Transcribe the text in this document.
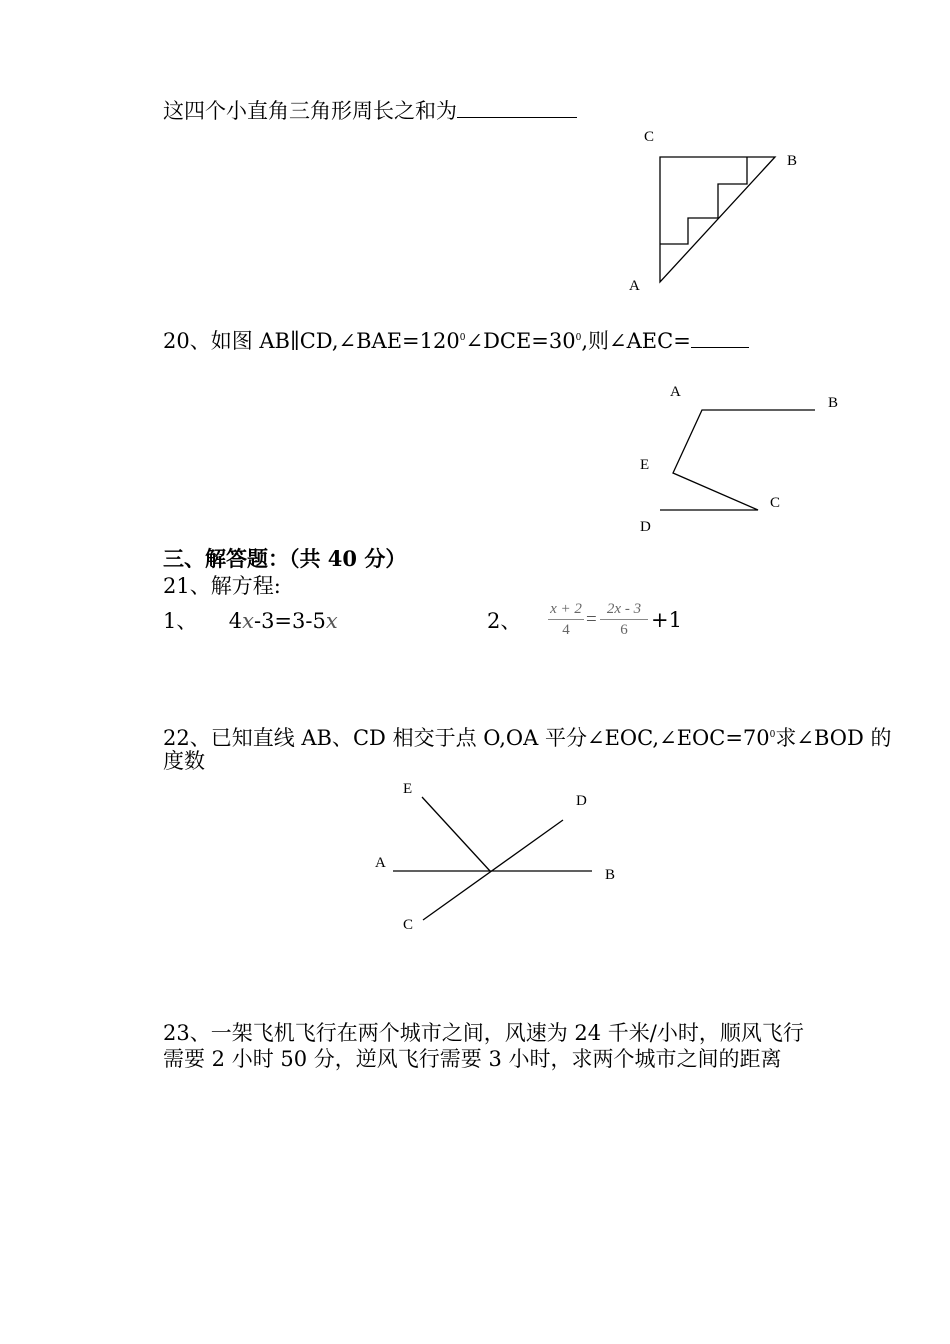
这四个小直角三角形周长之和为
C
B
A
20、如图 $AB\parallel CD,\angle BAE=120^0\angle DCE=30^0$,则∠AEC=
A
B
E
C
D
三、解答题：（共 40 分）
21、解方程:
1、 4x-3=3-5x	2、 x + 2
4 = 2x - 3
6	+1
22、已知直线 AB、CD 相交于点 O,OA 平分$\angle EOC,\angle EOC=70^0$求∠BOD 的
度数
E
D
A
B
C
23、一架飞机飞行在两个城市之间，风速为 24 千米/小时，顺风飞行
需要 2 小时 50 分，逆风飞行需要 3 小时，求两个城市之间的距离
